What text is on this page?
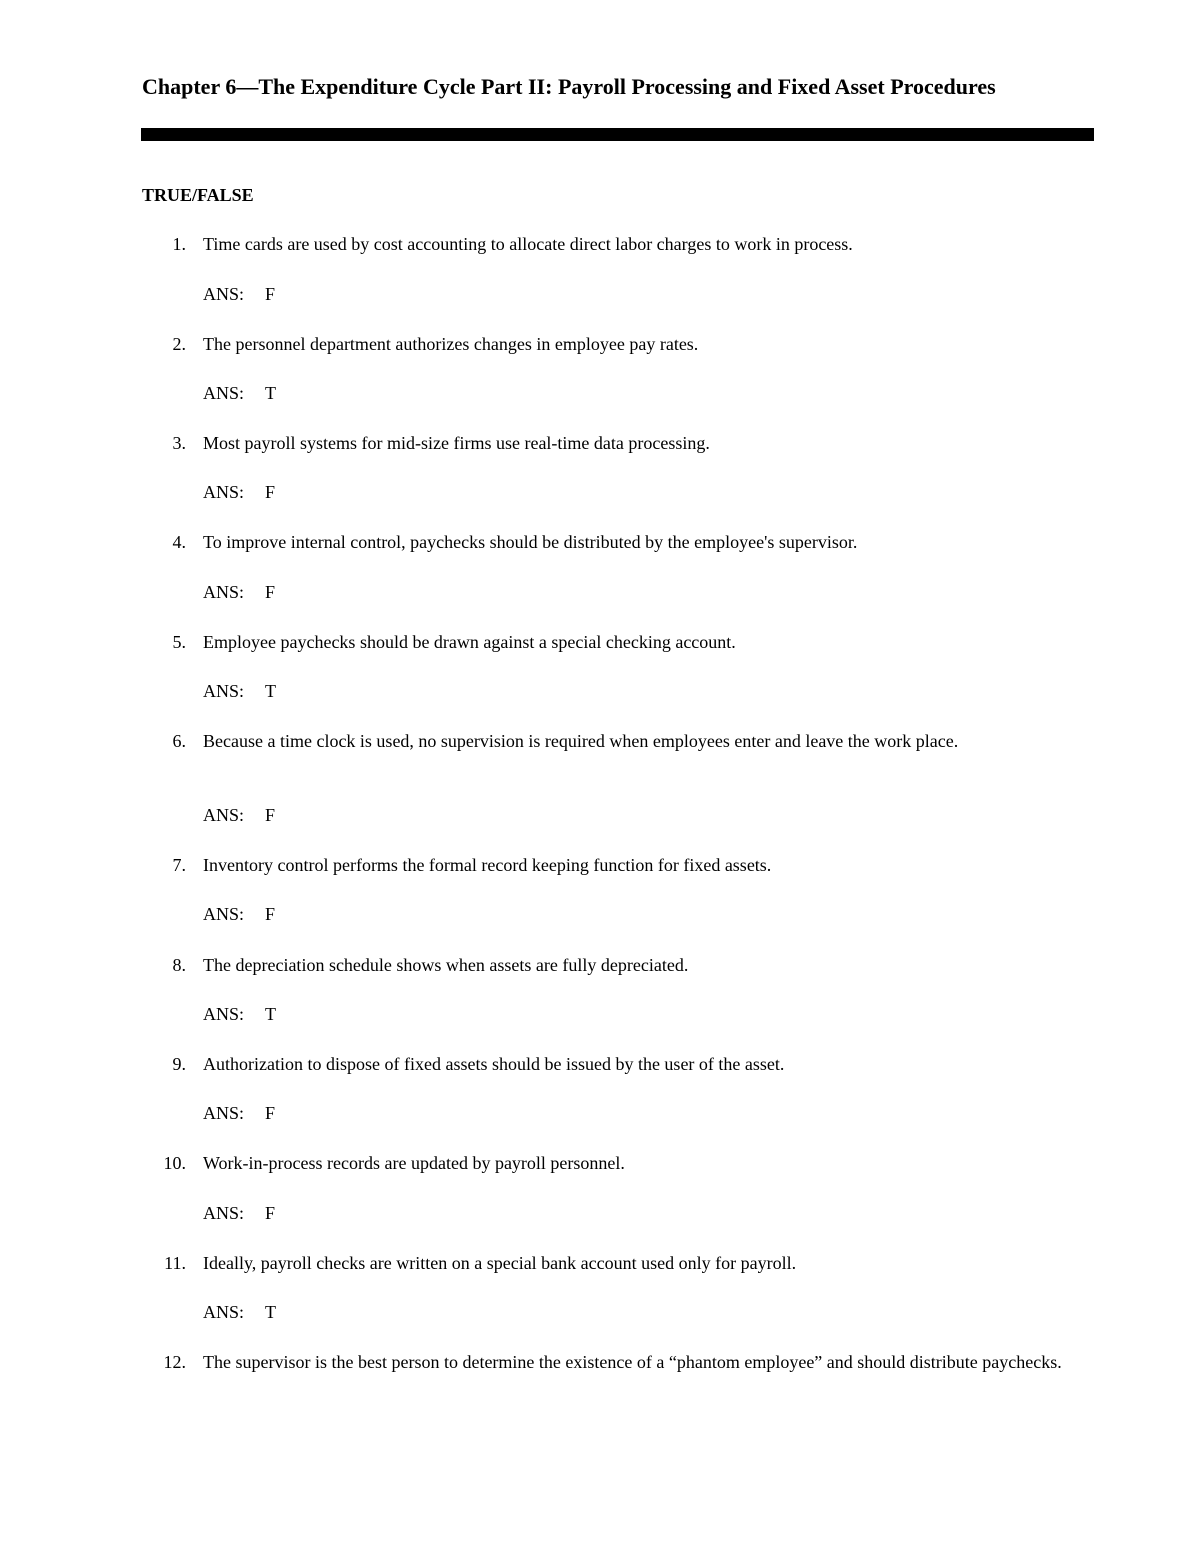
Chapter 6—The Expenditure Cycle Part II: Payroll Processing and Fixed Asset Procedures
TRUE/FALSE
1. Time cards are used by cost accounting to allocate direct labor charges to work in process.
ANS: F
2. The personnel department authorizes changes in employee pay rates.
ANS: T
3. Most payroll systems for mid-size firms use real-time data processing.
ANS: F
4. To improve internal control, paychecks should be distributed by the employee's supervisor.
ANS: F
5. Employee paychecks should be drawn against a special checking account.
ANS: T
6. Because a time clock is used, no supervision is required when employees enter and leave the work place.
ANS: F
7. Inventory control performs the formal record keeping function for fixed assets.
ANS: F
8. The depreciation schedule shows when assets are fully depreciated.
ANS: T
9. Authorization to dispose of fixed assets should be issued by the user of the asset.
ANS: F
10. Work-in-process records are updated by payroll personnel.
ANS: F
11. Ideally, payroll checks are written on a special bank account used only for payroll.
ANS: T
12. The supervisor is the best person to determine the existence of a “phantom employee” and should distribute paychecks.
